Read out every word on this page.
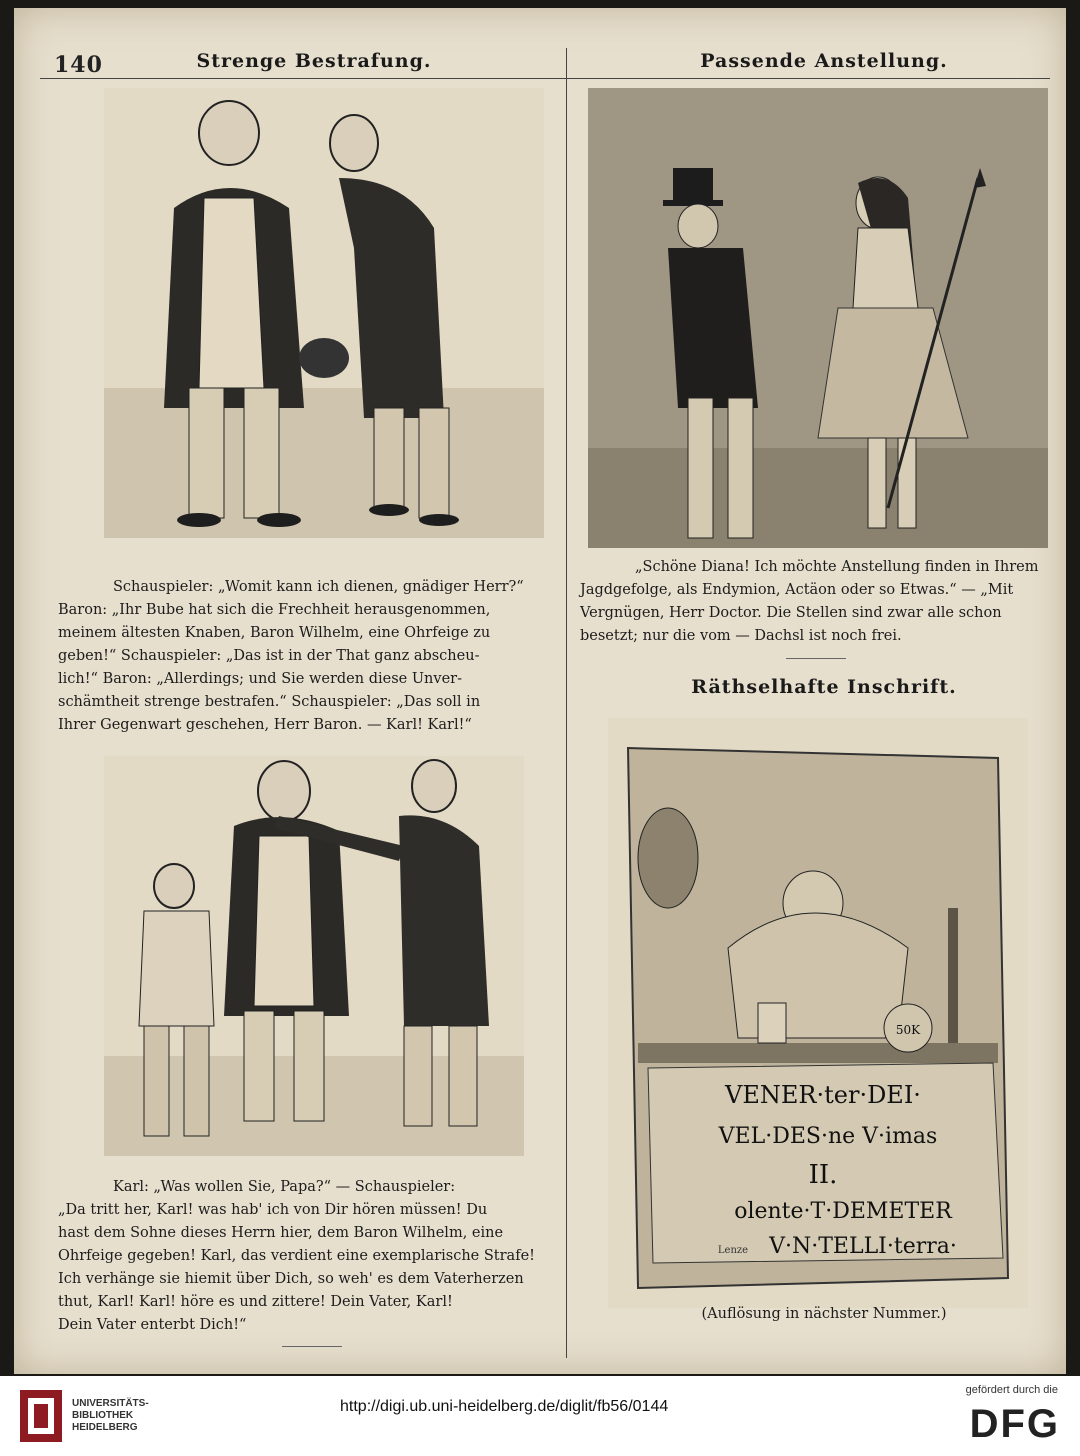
140	Strenge Bestrafung.	Passende Anstellung.

Schauspieler: „Womit kann ich dienen, gnädiger Herr?“

Baron: „Ihr Bube hat sich die Frechheit herausgenommen,

meinem ältesten Knaben, Baron Wilhelm, eine Ohrfeige zu

geben!“ Schauspieler: „Das ist in der That ganz abscheu-

lich!“ Baron: „Allerdings; und Sie werden diese Unver-

schämtheit strenge bestrafen.“ Schauspieler: „Das soll in

Ihrer Gegenwart geschehen, Herr Baron. — Karl! Karl!“

Karl: „Was wollen Sie, Papa?“ — Schauspieler:

„Da tritt her, Karl! was hab' ich von Dir hören müssen! Du

hast dem Sohne dieses Herrn hier, dem Baron Wilhelm, eine

Ohrfeige gegeben! Karl, das verdient eine exemplarische Strafe!

Ich verhänge sie hiemit über Dich, so weh' es dem Vaterherzen

thut, Karl! Karl! höre es und zittere! Dein Vater, Karl!

Dein Vater enterbt Dich!“

„Schöne Diana! Ich möchte Anstellung finden in Ihrem

Jagdgefolge, als Endymion, Actäon oder so Etwas.“ — „Mit

Vergnügen, Herr Doctor. Die Stellen sind zwar alle schon

besetzt; nur die vom — Dachsl ist noch frei.

Räthselhafte Inschrift.
50K
VENER·ter·DEI·
VEL·DES·ne V·imas
II.
olente·T·DEMETER
V·N·TELLI·terra·
Lenze
(Auflösung in nächster Nummer.)
UNIVERSITÄTS-
BIBLIOTHEK
HEIDELBERG
http://digi.ub.uni-heidelberg.de/diglit/fb56/0144
gefördert durch die
DFG
